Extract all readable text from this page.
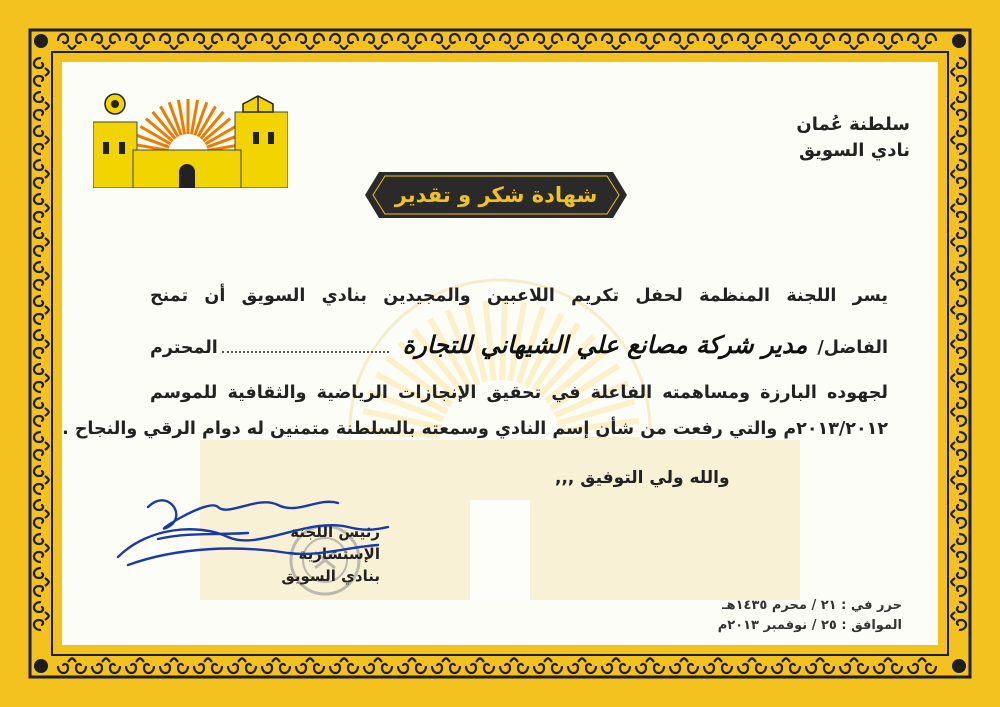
سلطنة عُمان
نادي السويق
شهادة شكر و تقدير
يسر اللجنة المنظمة لحفل تكريم اللاعبين والمجيدين بنادي السويق أن تمنح
الفاضل/
مدير شركة مصانع علي الشيهاني للتجارة
المحترم
لجهوده البارزة ومساهمته الفاعلة في تحقيق الإنجازات الرياضية والثقافية للموسم
٢٠١٣/٢٠١٢م والتي رفعت من شأن إسم النادي وسمعته بالسلطنة متمنين له دوام الرقي والنجاح .
والله ولي التوفيق ,,,
رئيس اللجنة الإستشارية
بنادي السويق
حرر في : ٢١ / محرم ١٤٣٥هـ
الموافق : ٢٥ / نوفمبر ٢٠١٣م
